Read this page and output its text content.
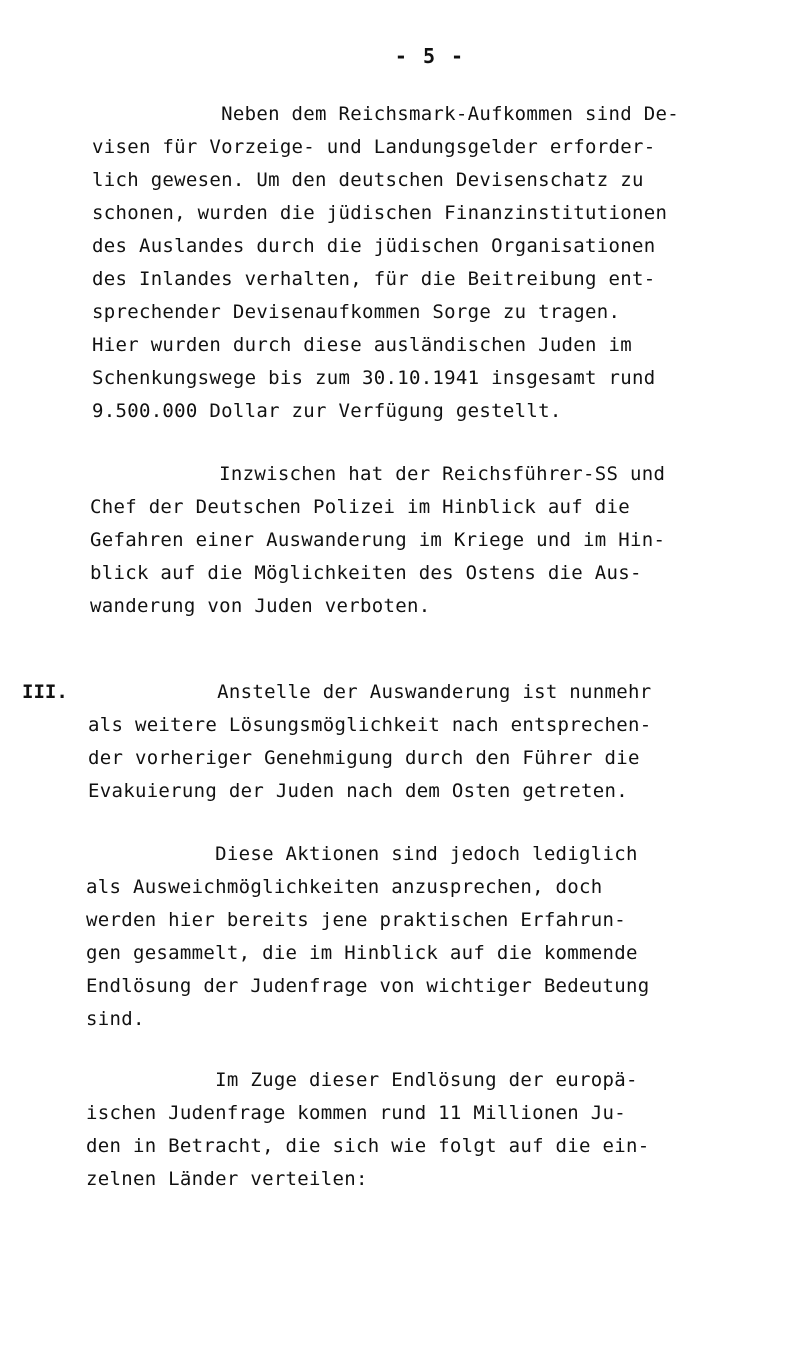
- 5 -

Neben dem Reichsmark-Aufkommen sind De-
visen für Vorzeige- und Landungsgelder erforder-
lich gewesen. Um den deutschen Devisenschatz zu
schonen, wurden die jüdischen Finanzinstitutionen
des Auslandes durch die jüdischen Organisationen
des Inlandes verhalten, für die Beitreibung ent-
sprechender Devisenaufkommen Sorge zu tragen.
Hier wurden durch diese ausländischen Juden im
Schenkungswege bis zum 30.10.1941 insgesamt rund
9.500.000 Dollar zur Verfügung gestellt.

Inzwischen hat der Reichsführer-SS und
Chef der Deutschen Polizei im Hinblick auf die
Gefahren einer Auswanderung im Kriege und im Hin-
blick auf die Möglichkeiten des Ostens die Aus-
wanderung von Juden verboten.

III. Anstelle der Auswanderung ist nunmehr
als weitere Lösungsmöglichkeit nach entsprechen-
der vorheriger Genehmigung durch den Führer die
Evakuierung der Juden nach dem Osten getreten.

Diese Aktionen sind jedoch lediglich
als Ausweichmöglichkeiten anzusprechen, doch
werden hier bereits jene praktischen Erfahrun-
gen gesammelt, die im Hinblick auf die kommende
Endlösung der Judenfrage von wichtiger Bedeutung
sind.

Im Zuge dieser Endlösung der europä-
ischen Judenfrage kommen rund 11 Millionen Ju-
den in Betracht, die sich wie folgt auf die ein-
zelnen Länder verteilen:
